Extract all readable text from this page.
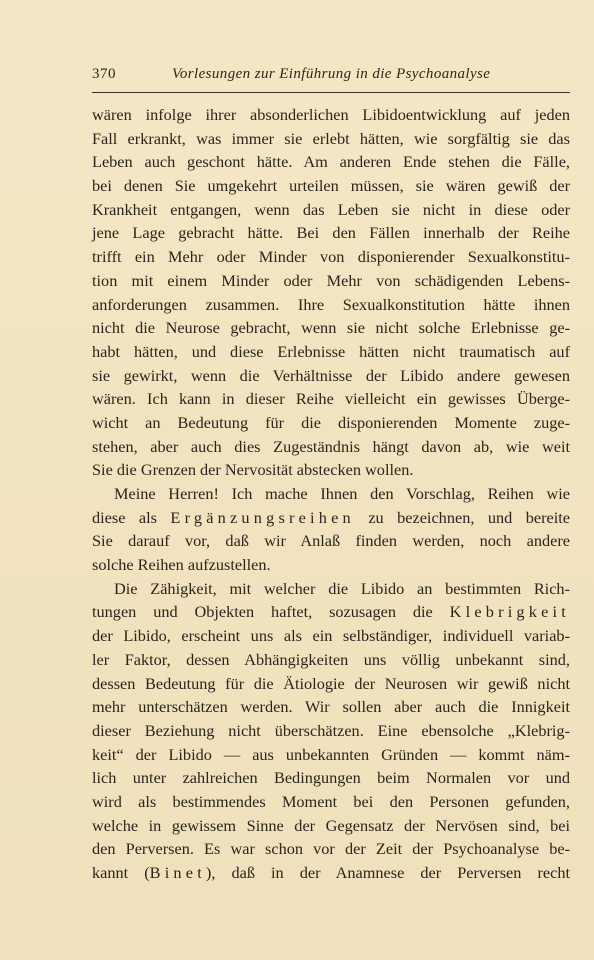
370	Vorlesungen zur Einführung in die Psychoanalyse
wären infolge ihrer absonderlichen Libidoentwicklung auf jeden
Fall erkrankt, was immer sie erlebt hätten, wie sorgfältig sie das
Leben auch geschont hätte. Am anderen Ende stehen die Fälle,
bei denen Sie umgekehrt urteilen müssen, sie wären gewiß der
Krankheit entgangen, wenn das Leben sie nicht in diese oder
jene Lage gebracht hätte. Bei den Fällen innerhalb der Reihe
trifft ein Mehr oder Minder von disponierender Sexualkonstitu-
tion mit einem Minder oder Mehr von schädigenden Lebens-
anforderungen zusammen. Ihre Sexualkonstitution hätte ihnen
nicht die Neurose gebracht, wenn sie nicht solche Erlebnisse ge-
habt hätten, und diese Erlebnisse hätten nicht traumatisch auf
sie gewirkt, wenn die Verhältnisse der Libido andere gewesen
wären. Ich kann in dieser Reihe vielleicht ein gewisses Überge-
wicht an Bedeutung für die disponierenden Momente zuge-
stehen, aber auch dies Zugeständnis hängt davon ab, wie weit
Sie die Grenzen der Nervosität abstecken wollen.
Meine Herren! Ich mache Ihnen den Vorschlag, Reihen wie
diese als Ergänzungsreihen zu bezeichnen, und bereite
Sie darauf vor, daß wir Anlaß finden werden, noch andere
solche Reihen aufzustellen.
Die Zähigkeit, mit welcher die Libido an bestimmten Rich-
tungen und Objekten haftet, sozusagen die Klebrigkeit
der Libido, erscheint uns als ein selbständiger, individuell variab-
ler Faktor, dessen Abhängigkeiten uns völlig unbekannt sind,
dessen Bedeutung für die Ätiologie der Neurosen wir gewiß nicht
mehr unterschätzen werden. Wir sollen aber auch die Innigkeit
dieser Beziehung nicht überschätzen. Eine ebensolche „Klebrig-
keit“ der Libido — aus unbekannten Gründen — kommt näm-
lich unter zahlreichen Bedingungen beim Normalen vor und
wird als bestimmendes Moment bei den Personen gefunden,
welche in gewissem Sinne der Gegensatz der Nervösen sind, bei
den Perversen. Es war schon vor der Zeit der Psychoanalyse be-
kannt (Binet), daß in der Anamnese der Perversen recht
